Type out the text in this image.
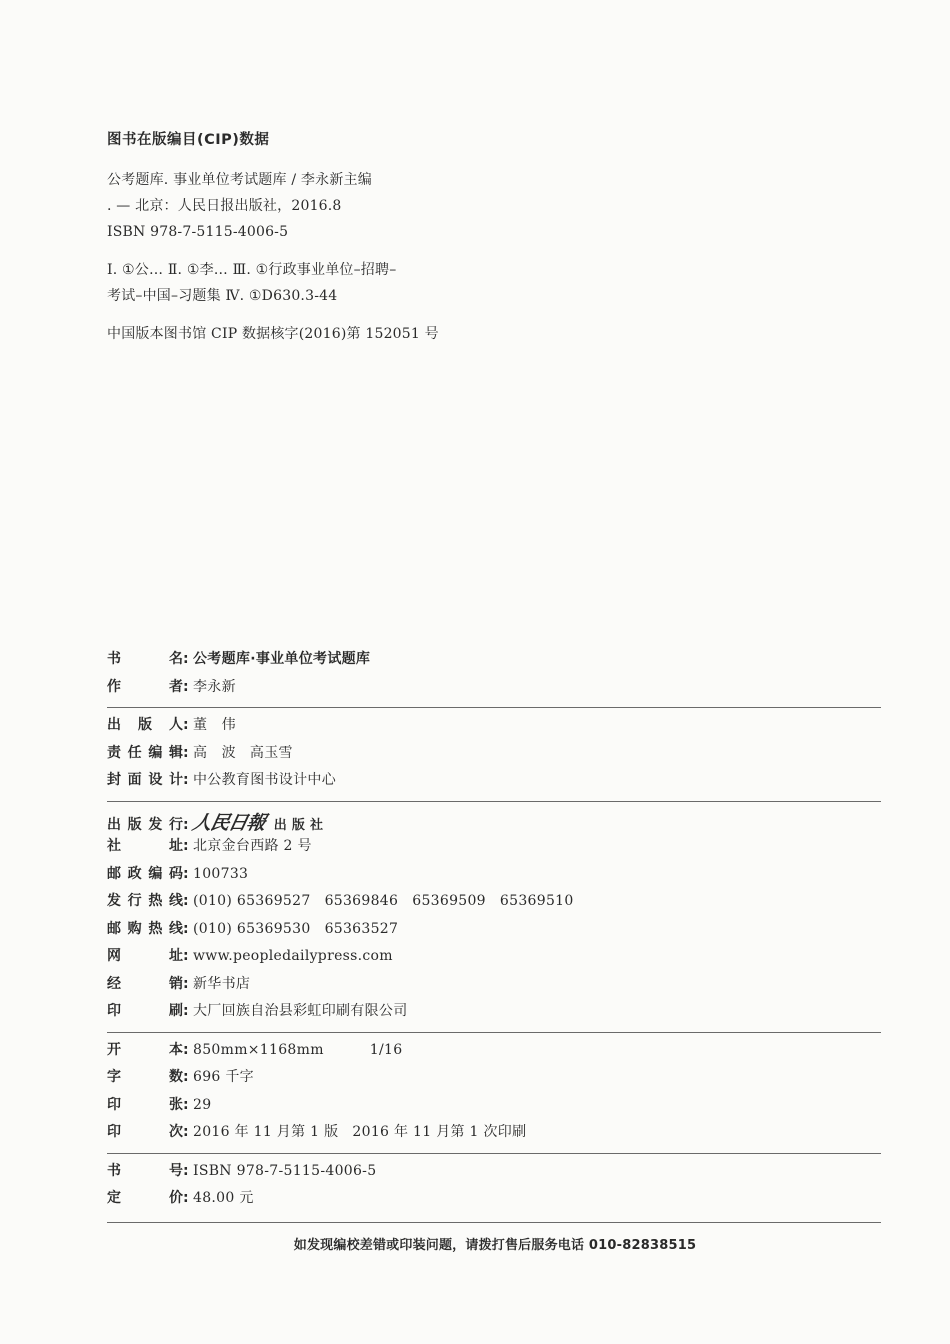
图书在版编目(CIP)数据
公考题库. 事业单位考试题库 / 李永新主编
. — 北京：人民日报出版社，2016.8
ISBN 978-7-5115-4006-5
Ⅰ. ①公… Ⅱ. ①李… Ⅲ. ①行政事业单位–招聘–
考试–中国–习题集 Ⅳ. ①D630.3-44
中国版本图书馆 CIP 数据核字(2016)第 152051 号
书	名 : 公考题库·事业单位考试题库
作	者 : 李永新
出 版 人 : 董　伟
责 任 编 辑 : 高　波 高玉雪
封 面 设 计 : 中公教育图书设计中心
出 版 发 行 : 人民日報 出 版 社
社	址 : 北京金台西路 2 号
邮 政 编 码 : 100733
发 行 热 线 : (010) 65369527 65369846 65369509 65369510
邮 购 热 线 : (010) 65369530 65363527
网	址 : www.peopledailypress.com
经	销 : 新华书店
印	刷 : 大厂回族自治县彩虹印刷有限公司
开	本 : 850mm×1168mm	1/16
字	数 : 696 千字
印	张 : 29
印	次 : 2016 年 11 月第 1 版 2016 年 11 月第 1 次印刷
书	号 : ISBN 978-7-5115-4006-5
定	价 : 48.00 元
如发现编校差错或印装问题，请拨打售后服务电话 010-82838515
